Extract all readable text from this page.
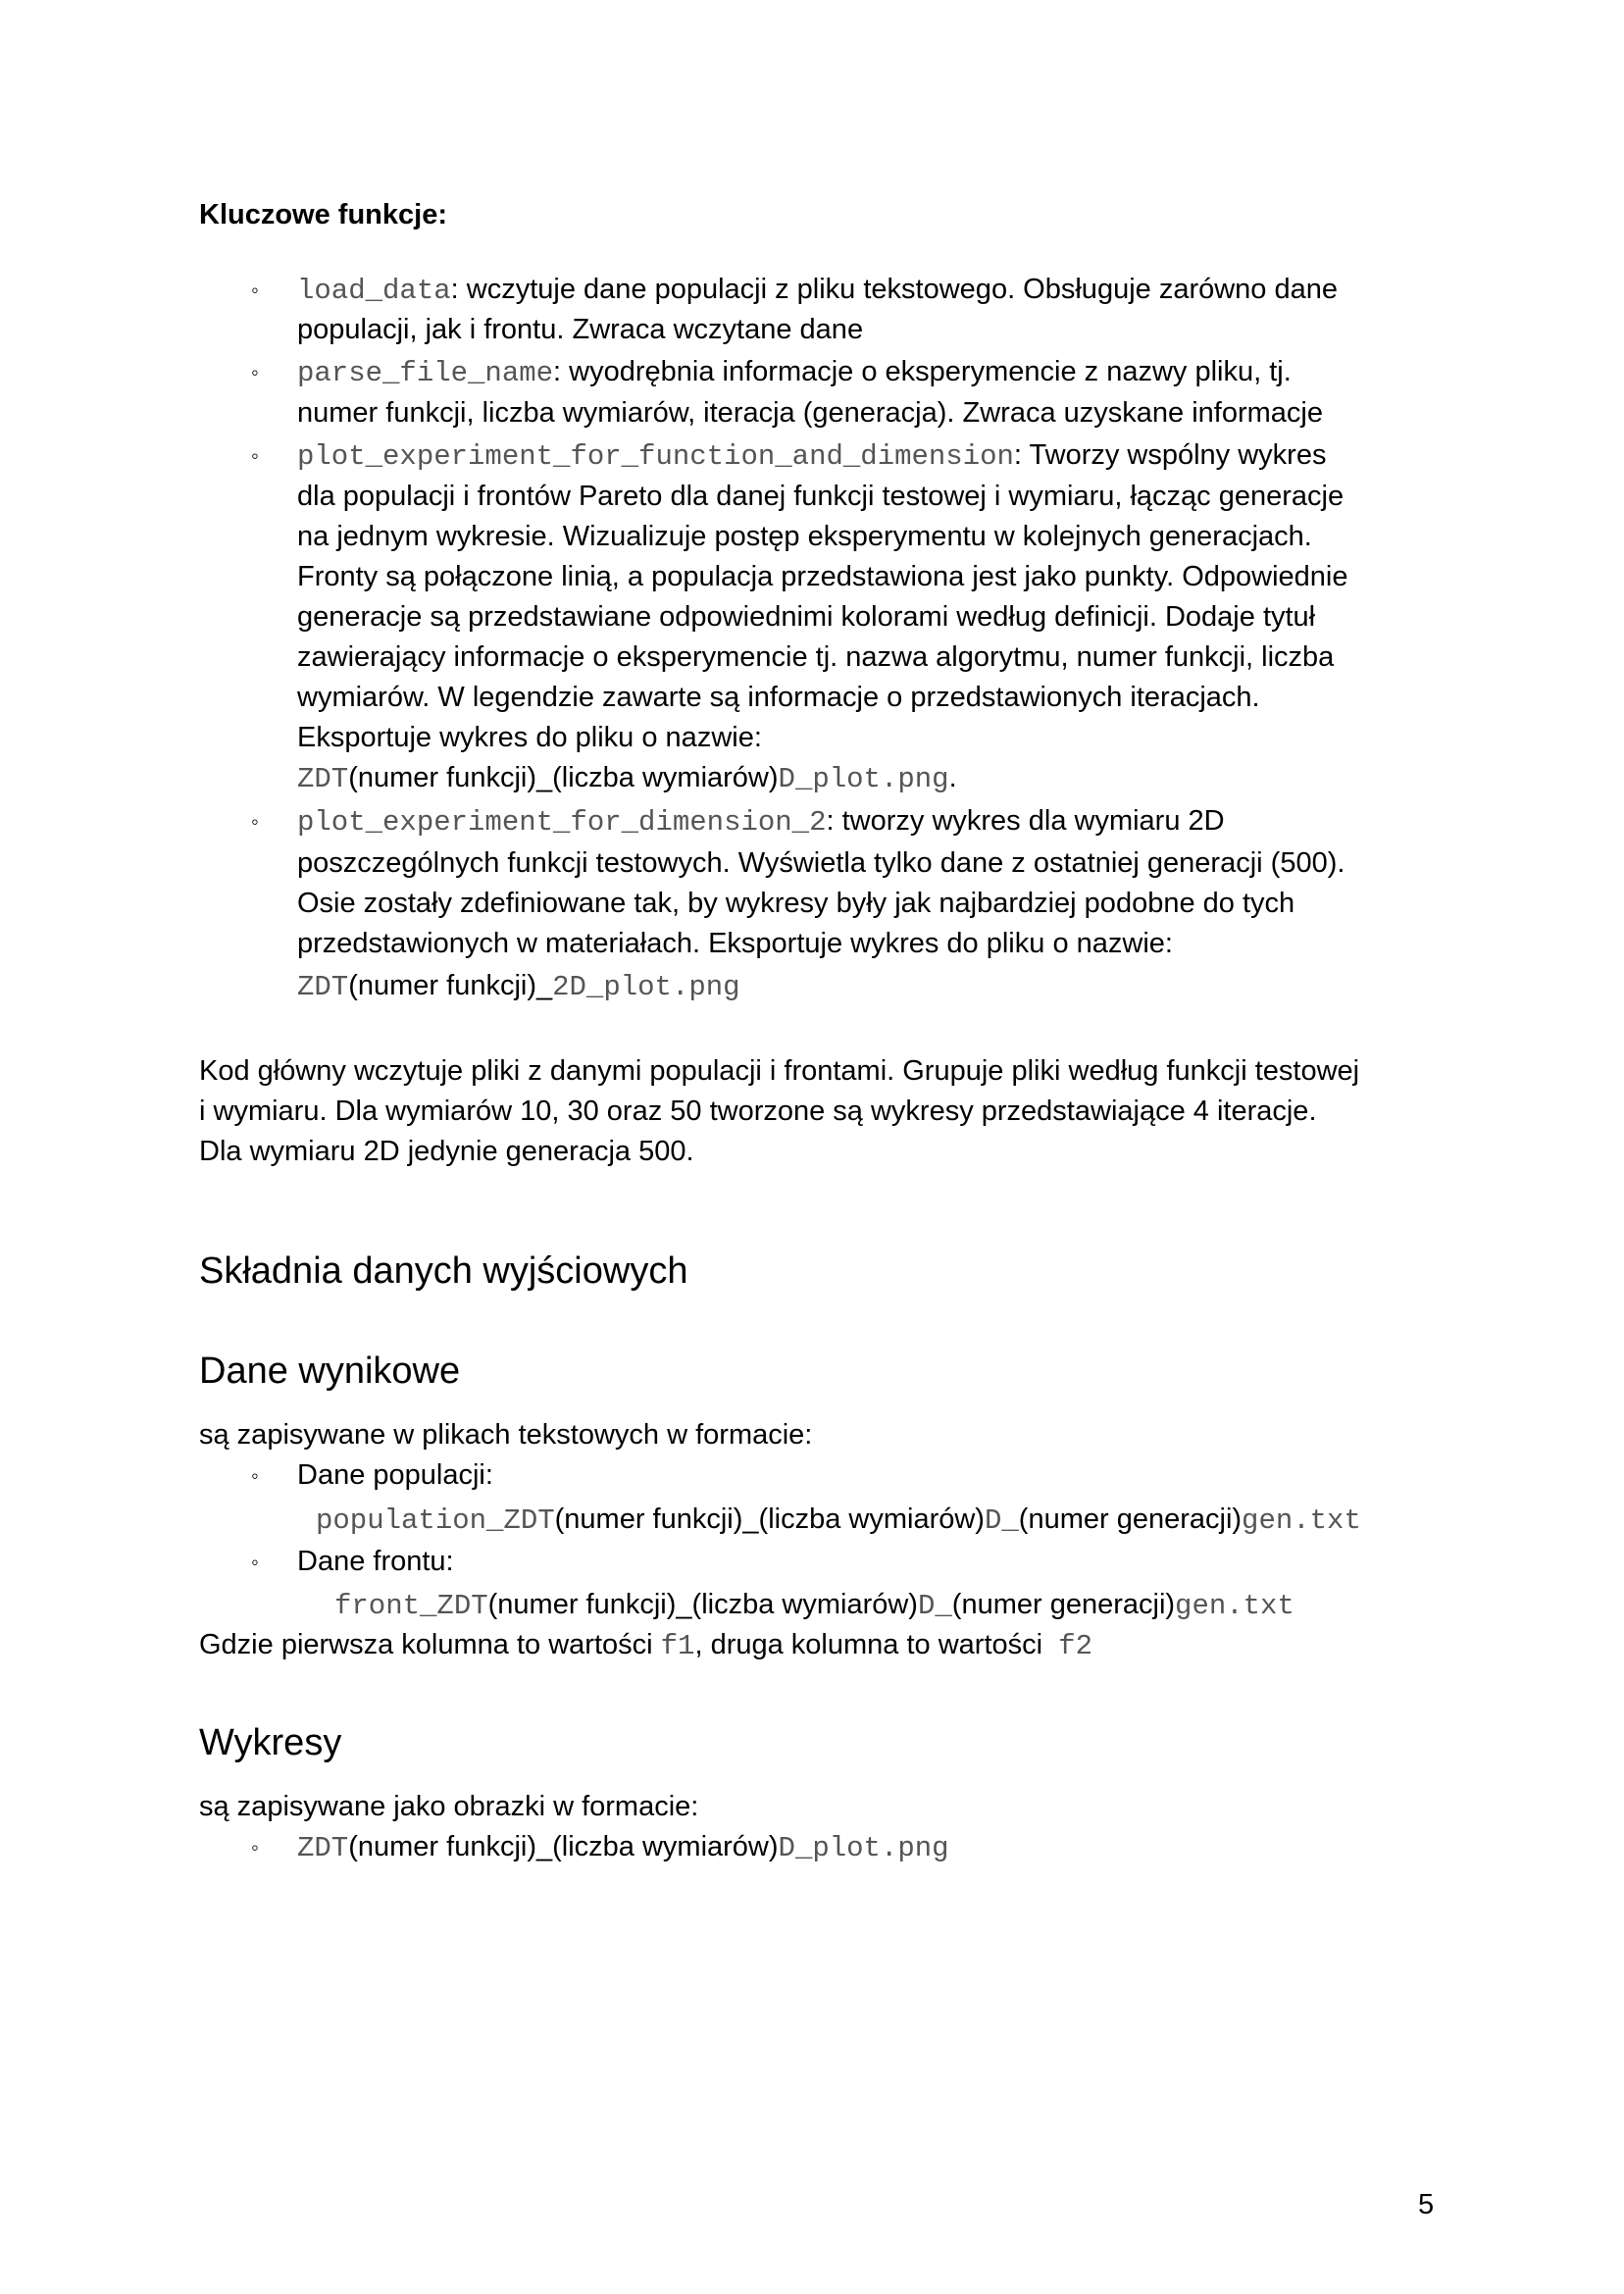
Kluczowe funkcje:
◦ load_data: wczytuje dane populacji z pliku tekstowego. Obsługuje zarówno dane
populacji, jak i frontu. Zwraca wczytane dane
◦ parse_file_name: wyodrębnia informacje o eksperymencie z nazwy pliku, tj.
numer funkcji, liczba wymiarów, iteracja (generacja). Zwraca uzyskane informacje
◦ plot_experiment_for_function_and_dimension: Tworzy wspólny wykres
dla populacji i frontów Pareto dla danej funkcji testowej i wymiaru, łącząc generacje
na jednym wykresie. Wizualizuje postęp eksperymentu w kolejnych generacjach.
Fronty są połączone linią, a populacja przedstawiona jest jako punkty. Odpowiednie
generacje są przedstawiane odpowiednimi kolorami według definicji. Dodaje tytuł
zawierający informacje o eksperymencie tj. nazwa algorytmu, numer funkcji, liczba
wymiarów. W legendzie zawarte są informacje o przedstawionych iteracjach.
Eksportuje wykres do pliku o nazwie:
ZDT(numer funkcji)_(liczba wymiarów)D_plot.png.
◦ plot_experiment_for_dimension_2: tworzy wykres dla wymiaru 2D
poszczególnych funkcji testowych. Wyświetla tylko dane z ostatniej generacji (500).
Osie zostały zdefiniowane tak, by wykresy były jak najbardziej podobne do tych
przedstawionych w materiałach. Eksportuje wykres do pliku o nazwie:
ZDT(numer funkcji)_2D_plot.png
Kod główny wczytuje pliki z danymi populacji i frontami. Grupuje pliki według funkcji testowej
i wymiaru. Dla wymiarów 10, 30 oraz 50 tworzone są wykresy przedstawiające 4 iteracje.
Dla wymiaru 2D jedynie generacja 500.
Składnia danych wyjściowych
Dane wynikowe
są zapisywane w plikach tekstowych w formacie:
◦ Dane populacji:
population_ZDT(numer funkcji)_(liczba wymiarów)D_(numer generacji)gen.txt
◦ Dane frontu:
front_ZDT(numer funkcji)_(liczba wymiarów)D_(numer generacji)gen.txt
Gdzie pierwsza kolumna to wartości f1, druga kolumna to wartości  f2
Wykresy
są zapisywane jako obrazki w formacie:
◦ ZDT(numer funkcji)_(liczba wymiarów)D_plot.png
5
